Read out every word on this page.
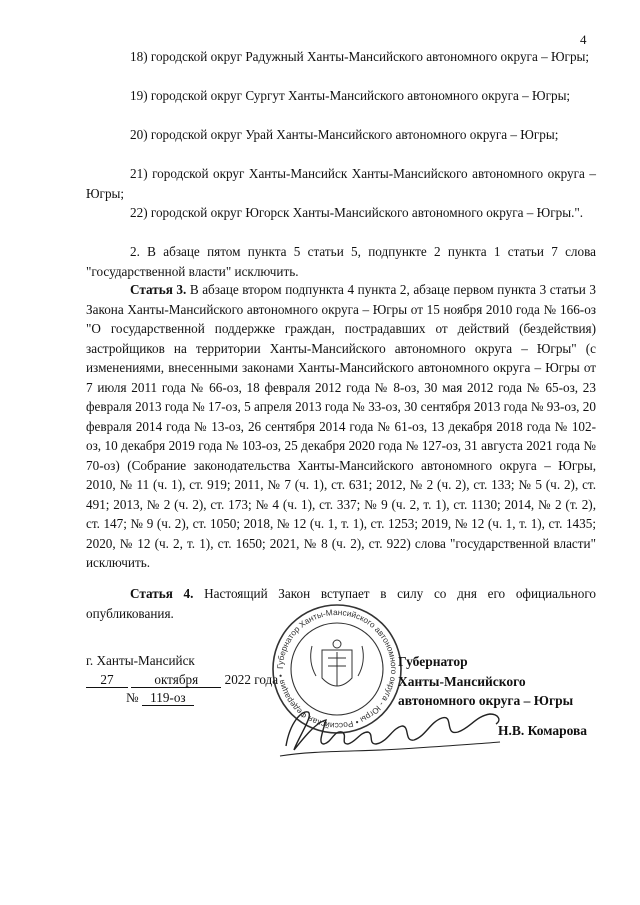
4

18) городской округ Радужный Ханты-Мансийского автономного округа – Югры;

19) городской округ Сургут Ханты-Мансийского автономного округа – Югры;

20) городской округ Урай Ханты-Мансийского автономного округа – Югры;

21) городской округ Ханты-Мансийск Ханты-Мансийского автономного округа – Югры;

22) городской округ Югорск Ханты-Мансийского автономного округа – Югры.".

2. В абзаце пятом пункта 5 статьи 5, подпункте 2 пункта 1 статьи 7 слова "государственной власти" исключить.

Статья 3. В абзаце втором подпункта 4 пункта 2, абзаце первом пункта 3 статьи 3 Закона Ханты-Мансийского автономного округа – Югры от 15 ноября 2010 года № 166-оз "О государственной поддержке граждан, пострадавших от действий (бездействия) застройщиков на территории Ханты-Мансийского автономного округа – Югры" (с изменениями, внесенными законами Ханты-Мансийского автономного округа – Югры от 7 июля 2011 года № 66-оз, 18 февраля 2012 года № 8-оз, 30 мая 2012 года № 65-оз, 23 февраля 2013 года № 17-оз, 5 апреля 2013 года № 33-оз, 30 сентября 2013 года № 93-оз, 20 февраля 2014 года № 13-оз, 26 сентября 2014 года № 61-оз, 13 декабря 2018 года № 102-оз, 10 декабря 2019 года № 103-оз, 25 декабря 2020 года № 127-оз, 31 августа 2021 года № 70-оз) (Собрание законодательства Ханты-Мансийского автономного округа – Югры, 2010, № 11 (ч. 1), ст. 919; 2011, № 7 (ч. 1), ст. 631; 2012, № 2 (ч. 2), ст. 133; № 5 (ч. 2), ст. 491; 2013, № 2 (ч. 2), ст. 173; № 4 (ч. 1), ст. 337; № 9 (ч. 2, т. 1), ст. 1130; 2014, № 2 (т. 2), ст. 147; № 9 (ч. 2), ст. 1050; 2018, № 12 (ч. 1, т. 1), ст. 1253; 2019, № 12 (ч. 1, т. 1), ст. 1435; 2020, № 12 (ч. 2, т. 1), ст. 1650; 2021, № 8 (ч. 2), ст. 922) слова "государственной власти" исключить.

Статья 4. Настоящий Закон вступает в силу со дня его официального опубликования.

г. Ханты-Мансийск
27	октября 2022 года
№ 119-оз
Губернатор Ханты-Мансийского автономного округа - Югры • Российская Федерация •
Губернатор
Ханты-Мансийского
автономного округа – Югры
Н.В. Комарова
